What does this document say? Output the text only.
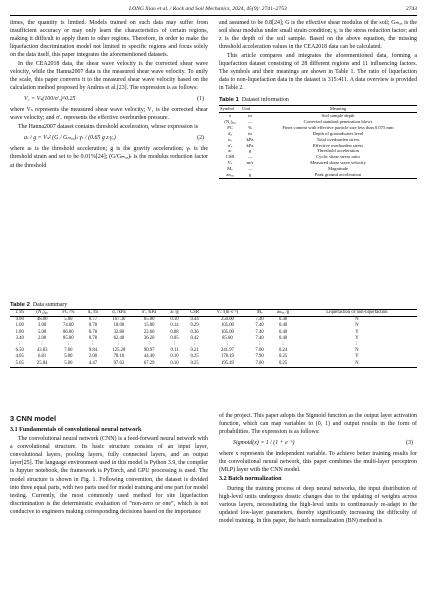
LONG Xiao et al. / Rock and Soil Mechanics, 2024, 45(9): 2741–2753	2743

times, the quantity is limited. Models trained on such data may suffer from insufficient accuracy or may only learn the characteristics of certain regions, making it difficult to apply them to other regions. Therefore, in order to make the liquefaction discrimination model not limited to specific regions and focus solely on the data itself, this paper integrates the aforementioned datasets.

In the CEA2018 data, the shear wave velocity is the corrected shear wave velocity, while the Hanna2007 data is the measured shear wave velocity. To unify the scale, this paper converts it to the measured shear wave velocity based on the calculation method proposed by Andrus et al.[23]. The expression is as follows:

V₁ = Vₛ(100/σ′ᵥ)^0.25	(1)

where Vₛ represents the measured shear wave velocity; V₁ is the corrected shear wave velocity; and σ′ᵥ represents the effective overburden pressure.

The Hanna2007 dataset contains threshold acceleration, whose expression is

aₜ / g = Vₛ² (G / Gₘₐₓ)ₜ γₜ / (0.65 g z γₑ)	(2)

where aₜ is the threshold acceleration; g is the gravity acceleration; γₜ is the threshold strain and set to be 0.01%[24]; (G/Gₘₐₓ)ₜ is the modulus reduction factor at the threshold

and assumed to be 0.8[24]; G is the effective shear modulus of the soil; Gₘₐₓ is the soil shear modulus under small strain condition; γₑ is the stress reduction factor; and z is the depth of the soil sample. Based on the above equation, the missing threshold acceleration values in the CEA2018 data can be calculated.

This article compares and integrates the aforementioned data, forming a liquefaction dataset consisting of 28 different regions and 11 influencing factors. The symbols and their meanings are shown in Table 1. The ratio of liquefaction data to non-liquefaction data in the dataset is 315:411. A data overview is provided in Table 2.

Table 1 Dataset information
Symbol	Unit	Meaning
z	m	Soil sample depth
(N₁)₆₀	—	Corrected standard penetration blows
FC	%	Fines content with effective particle size less than 0.075 mm
dₓ	m	Depth of groundwater level
σᵥ	kPa	Total overburden stress
σ′ᵥ	kPa	Effective overburden stress
aₜ	g	Threshold acceleration
CSR	—	Cyclic shear stress ratio
Vₛ	m/s	Measured shear wave velocity
Mᵥ	—	Magnitude
aₘₐₓ	g	Peak ground acceleration
Table 2 Data summary
z /m	(N₁)₆₀	FC /%	dₓ /m	σᵥ /kPa	σ′ᵥ /kPa	aₜ /g	CSR	Vₛ /(m·s⁻¹)	Mᵥ	aₘₐₓ /g	Liquefaction or non-liquefaction
9.00	48.00	5.00	0.77	167.30	85.00	0.10	0.44	250.00	7.40	0.40	N
1.00	3.00	74.00	0.78	18.00	15.80	0.14	0.29	105.00	7.40	0.40	N
1.80	5.00	86.00	0.78	32.80	22.60	0.08	0.36	105.00	7.40	0.40	Y
3.40	2.00	85.00	0.78	62.40	36.20	0.05	0.42	85.00	7.40	0.40	Y
⋮	⋮	⋮	⋮	⋮	⋮	⋮	⋮	⋮	⋮	⋮	⋮
6.50	43.83	7.00	9.84	125.28	90.97	0.11	0.21	241.97	7.00	0.24	N
4.05	6.81	5.00	2.00	78.16	44.40	0.10	0.25	178.19	7.90	0.25	Y
5.05	25.84	5.00	4.47	97.63	67.29	0.10	0.25	195.49	7.00	0.25	N
3 CNN model
3.1 Fundamentals of convolutional neural network

The convolutional neural network (CNN) is a feed-forward neural network with a convolutional structure. Its basic structure consists of an input layer, convolutional layers, pooling layers, fully connected layers, and an output layer[25]. The language environment used in this model is Python 3.9, the compiler is Jupyter notebook, the framework is PyTorch, and GPU processing is used. The model structure is shown in Fig. 1. Following convention, the dataset is divided into three equal parts, with two parts used for model training and one part for model testing. Currently, the most commonly used method for site liquefaction discrimination is the deterministic evaluation of “non-zero or one”, which is not conducive to engineers making corresponding decisions based on the importance

of the project. This paper adopts the Sigmoid function as the output layer activation function, which can map variables to (0, 1) and output results in the form of probabilities. The expression is as follows:

Sigmoid(x) = 1 / (1 + e⁻ˣ)	(3)

where x represents the independent variable. To achieve better training results for the convolutional neural network, this paper combines the multi-layer perceptron (MLP) layer with the CNN model.

3.2 Batch normalization

During the training process of deep neural networks, the input distribution of high-level units undergoes drastic changes due to the updating of weights across various layers, necessitating the high-level units to continuously re-adapt to the updated low-layer parameters, thereby significantly increasing the difficulty of model training. In this paper, the batch normalization (BN) method is
